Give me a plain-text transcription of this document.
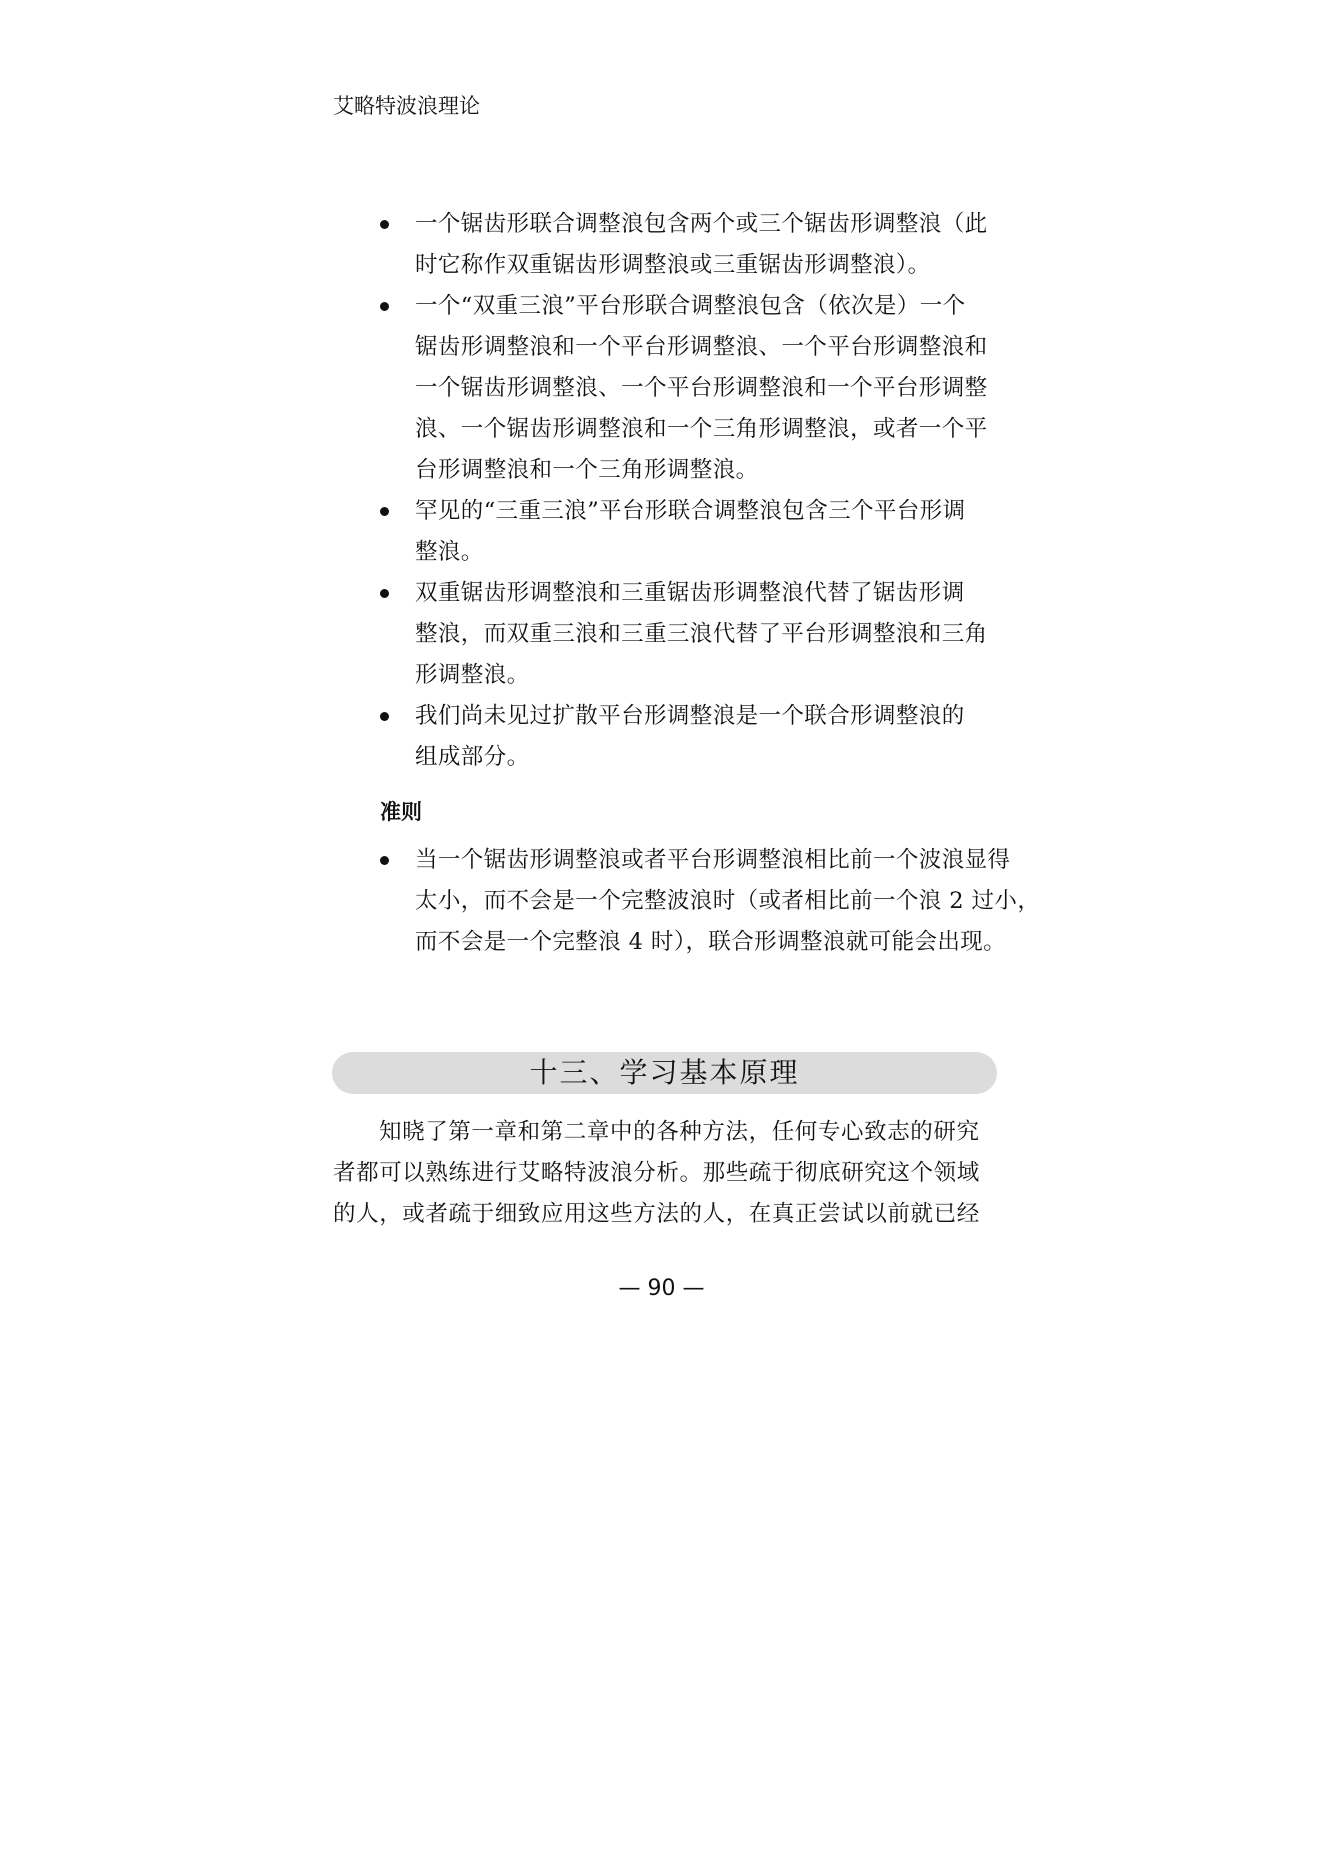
艾略特波浪理论
一个锯齿形联合调整浪包含两个或三个锯齿形调整浪（此
时它称作双重锯齿形调整浪或三重锯齿形调整浪）。
一个“双重三浪”平台形联合调整浪包含（依次是）一个
锯齿形调整浪和一个平台形调整浪、一个平台形调整浪和
一个锯齿形调整浪、一个平台形调整浪和一个平台形调整
浪、一个锯齿形调整浪和一个三角形调整浪，或者一个平
台形调整浪和一个三角形调整浪。
罕见的“三重三浪”平台形联合调整浪包含三个平台形调
整浪。
双重锯齿形调整浪和三重锯齿形调整浪代替了锯齿形调
整浪，而双重三浪和三重三浪代替了平台形调整浪和三角
形调整浪。
我们尚未见过扩散平台形调整浪是一个联合形调整浪的
组成部分。
准则
当一个锯齿形调整浪或者平台形调整浪相比前一个波浪显得
太小，而不会是一个完整波浪时（或者相比前一个浪 2 过小，
而不会是一个完整浪 4 时），联合形调整浪就可能会出现。
十三、学习基本原理
知晓了第一章和第二章中的各种方法，任何专心致志的研究
者都可以熟练进行艾略特波浪分析。那些疏于彻底研究这个领域
的人，或者疏于细致应用这些方法的人，在真正尝试以前就已经
— 90 —
